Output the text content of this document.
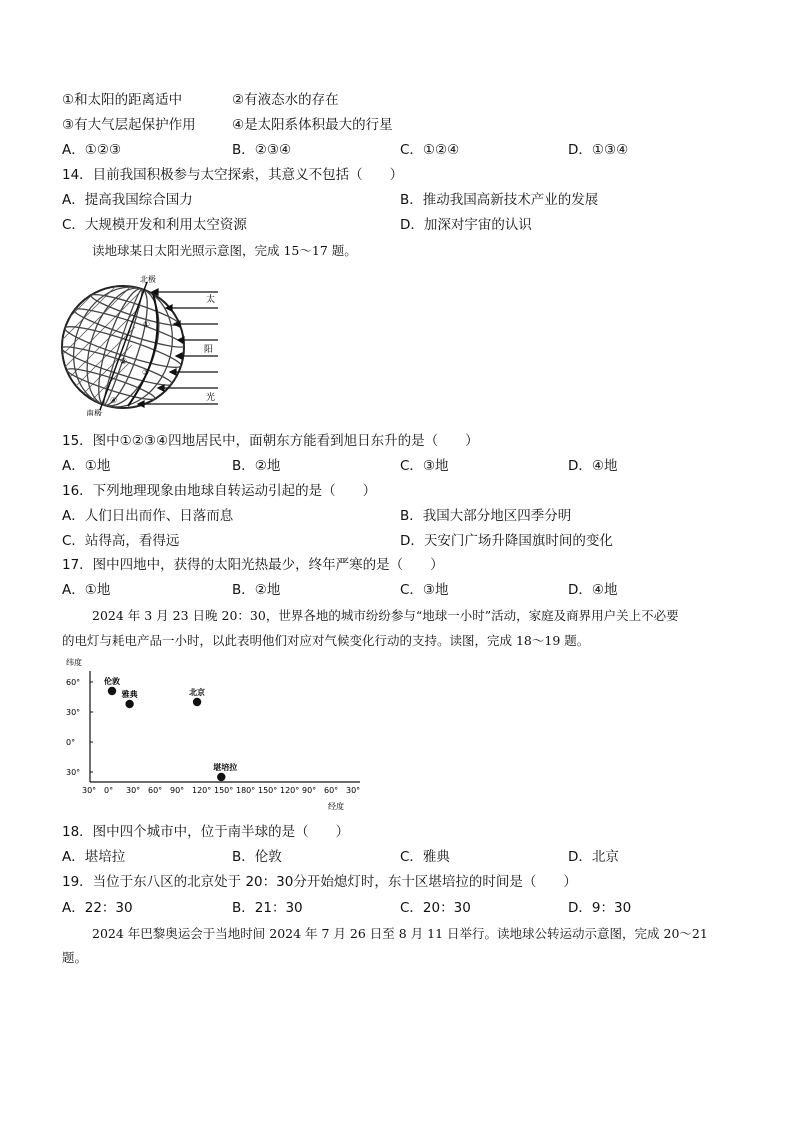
①和太阳的距离适中	②有液态水的存在
③有大气层起保护作用	④是太阳系体积最大的行星
A．①②③	B．②③④	C．①②④	D．①③④
14．目前我国积极参与太空探索，其意义不包括（　　）
A．提高我国综合国力	B．推动我国高新技术产业的发展
C．大规模开发和利用太空资源	D．加深对宇宙的认识
读地球某日太阳光照示意图，完成 15～17 题。
北极
南极
①
②
③
④
太
阳
光
15．图中①②③④四地居民中，面朝东方能看到旭日东升的是（　　）
A．①地	B．②地	C．③地	D．④地
16．下列地理现象由地球自转运动引起的是（　　）
A．人们日出而作、日落而息	B．我国大部分地区四季分明
C．站得高，看得远	D．天安门广场升降国旗时间的变化
17．图中四地中，获得的太阳光热最少，终年严寒的是（　　）
A．①地	B．②地	C．③地	D．④地
2024 年 3 月 23 日晚 20：30，世界各地的城市纷纷参与“地球一小时”活动，家庭及商界用户关上不必要
的电灯与耗电产品一小时，以此表明他们对应对气候变化行动的支持。读图，完成 18～19 题。
纬度
经度
60°
30°
0°
30°
30° 0° 30° 60° 90° 120° 150° 180° 150° 120° 90° 60° 30°
伦敦
雅典	北京
堪培拉
18．图中四个城市中，位于南半球的是（　　）
A．堪培拉	B．伦敦	C．雅典	D．北京
19．当位于东八区的北京处于 20：30分开始熄灯时，东十区堪培拉的时间是（　　）
A．22：30	B．21：30	C．20：30	D．9：30
2024 年巴黎奥运会于当地时间 2024 年 7 月 26 日至 8 月 11 日举行。读地球公转运动示意图，完成 20～21
题。
